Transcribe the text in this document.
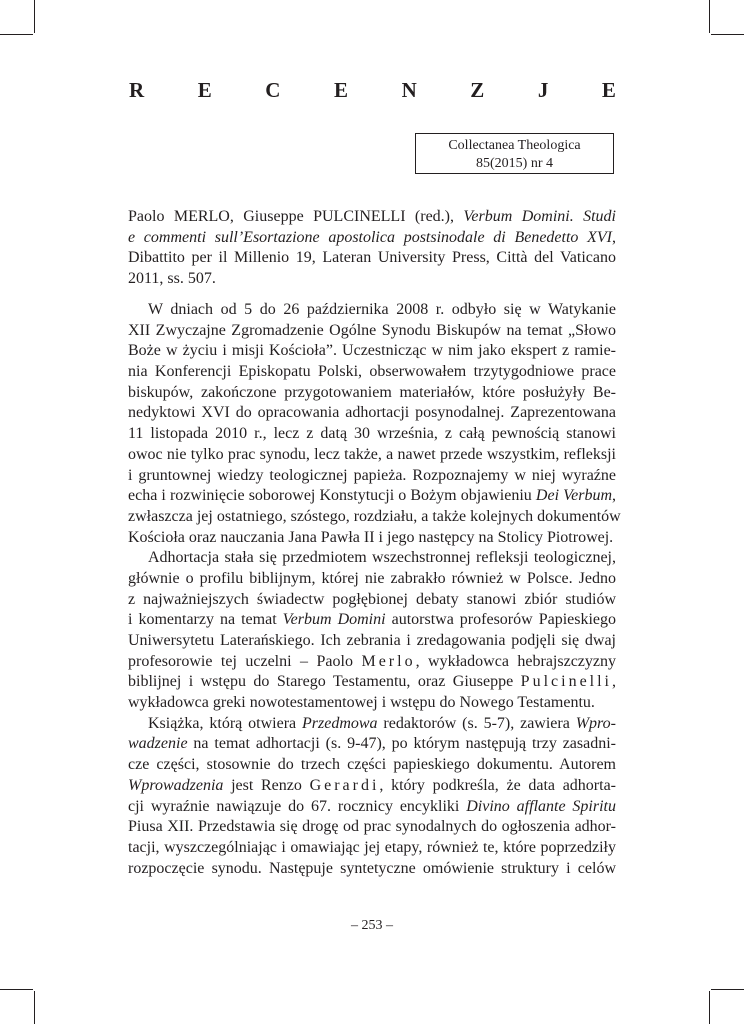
R	E	C	E	N	Z	J	E
Collectanea Theologica
85(2015) nr 4
Paolo MERLO, Giuseppe PULCINELLI (red.), Verbum Domini. Studi
e commenti sull’Esortazione apostolica postsinodale di Benedetto XVI,
Dibattito per il Millenio 19, Lateran University Press, Città del Vaticano
2011, ss. 507.
W dniach od 5 do 26 października 2008 r. odbyło się w Watykanie
XII Zwyczajne Zgromadzenie Ogólne Synodu Biskupów na temat „Słowo
Boże w życiu i misji Kościoła”. Uczestnicząc w nim jako ekspert z ramie-
nia Konferencji Episkopatu Polski, obserwowałem trzytygodniowe prace
biskupów, zakończone przygotowaniem materiałów, które posłużyły Be-
nedyktowi XVI do opracowania adhortacji posynodalnej. Zaprezentowana
11 listopada 2010 r., lecz z datą 30 września, z całą pewnością stanowi
owoc nie tylko prac synodu, lecz także, a nawet przede wszystkim, refleksji
i gruntownej wiedzy teologicznej papieża. Rozpoznajemy w niej wyraźne
echa i rozwinięcie soborowej Konstytucji o Bożym objawieniu Dei Verbum,
zwłaszcza jej ostatniego, szóstego, rozdziału, a także kolejnych dokumentów
Kościoła oraz nauczania Jana Pawła II i jego następcy na Stolicy Piotrowej.
Adhortacja stała się przedmiotem wszechstronnej refleksji teologicznej,
głównie o profilu biblijnym, której nie zabrakło również w Polsce. Jedno
z najważniejszych świadectw pogłębionej debaty stanowi zbiór studiów
i komentarzy na temat Verbum Domini autorstwa profesorów Papieskiego
Uniwersytetu Laterańskiego. Ich zebrania i zredagowania podjęli się dwaj
profesorowie tej uczelni – Paolo Merlo, wykładowca hebrajszczyzny
biblijnej i wstępu do Starego Testamentu, oraz Giuseppe Pulcinelli,
wykładowca greki nowotestamentowej i wstępu do Nowego Testamentu.
Książka, którą otwiera Przedmowa redaktorów (s. 5-7), zawiera Wpro-
wadzenie na temat adhortacji (s. 9-47), po którym następują trzy zasadni-
cze części, stosownie do trzech części papieskiego dokumentu. Autorem
Wprowadzenia jest Renzo Gerardi, który podkreśla, że data adhorta-
cji wyraźnie nawiązuje do 67. rocznicy encykliki Divino afflante Spiritu
Piusa XII. Przedstawia się drogę od prac synodalnych do ogłoszenia adhor-
tacji, wyszczególniając i omawiając jej etapy, również te, które poprzedziły
rozpoczęcie synodu. Następuje syntetyczne omówienie struktury i celów
– 253 –
